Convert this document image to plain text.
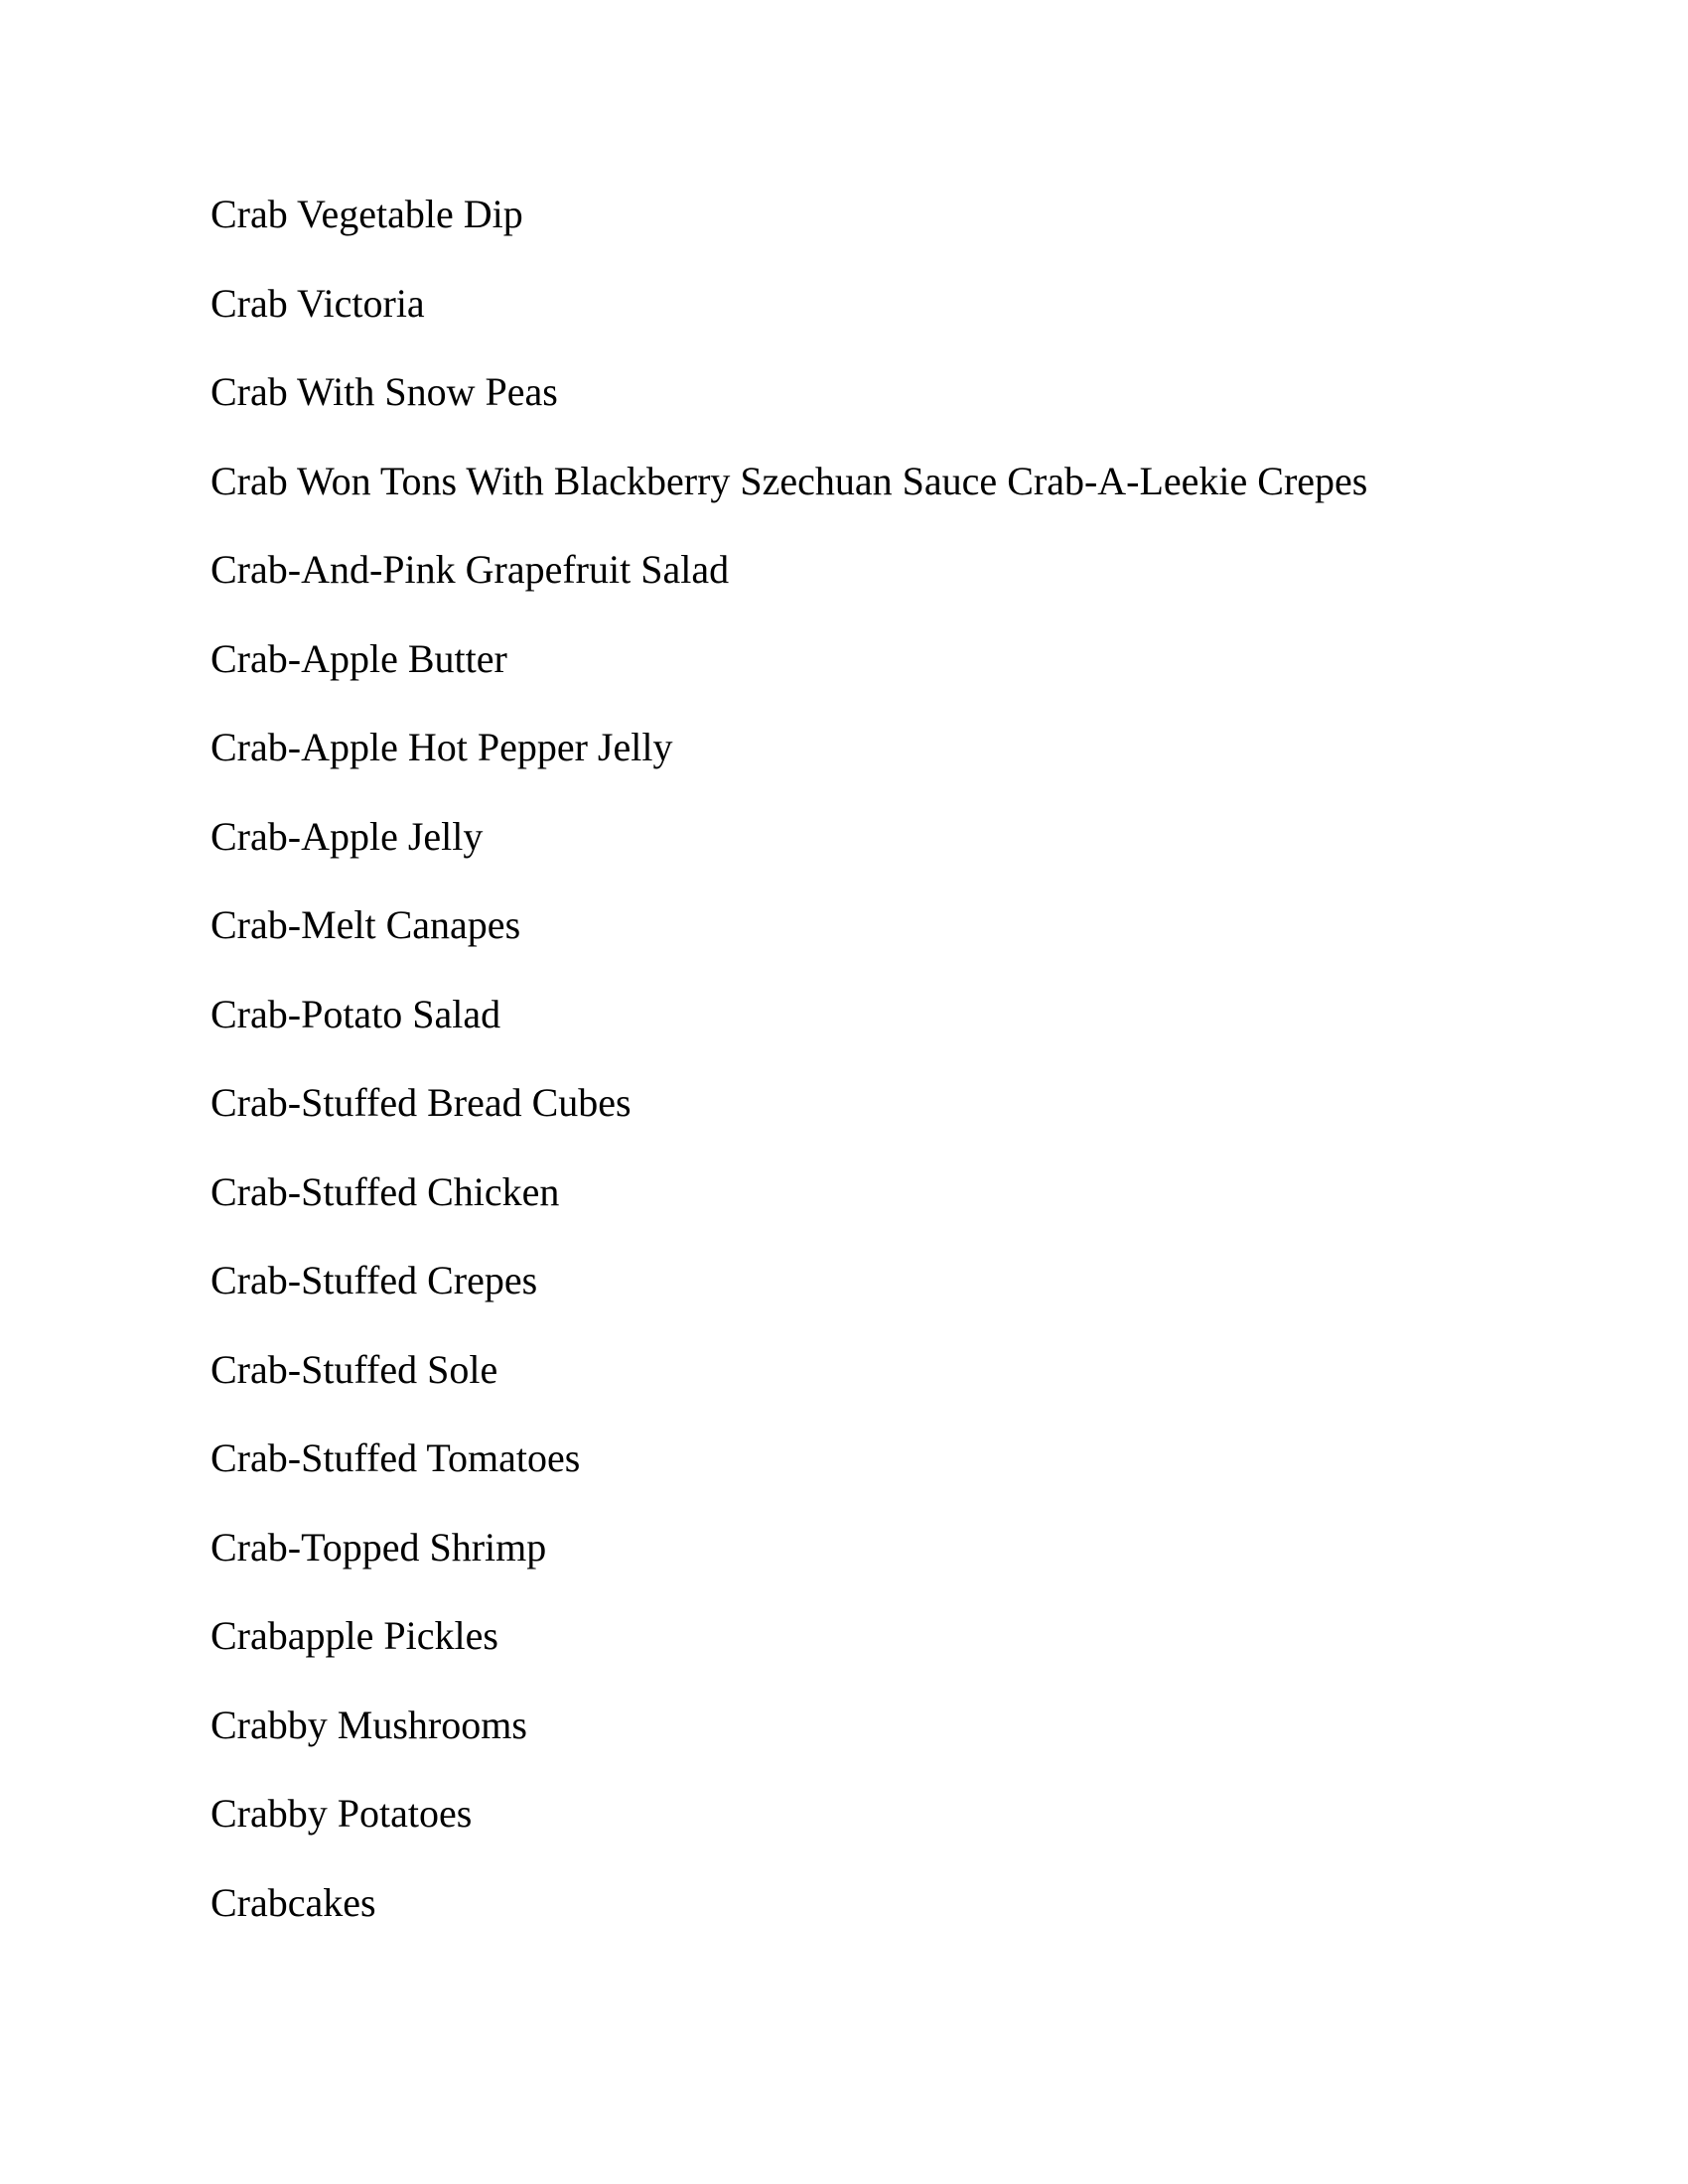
Crab Vegetable Dip
Crab Victoria
Crab With Snow Peas
Crab Won Tons With Blackberry Szechuan Sauce Crab-A-Leekie Crepes
Crab-And-Pink Grapefruit Salad
Crab-Apple Butter
Crab-Apple Hot Pepper Jelly
Crab-Apple Jelly
Crab-Melt Canapes
Crab-Potato Salad
Crab-Stuffed Bread Cubes
Crab-Stuffed Chicken
Crab-Stuffed Crepes
Crab-Stuffed Sole
Crab-Stuffed Tomatoes
Crab-Topped Shrimp
Crabapple Pickles
Crabby Mushrooms
Crabby Potatoes
Crabcakes
